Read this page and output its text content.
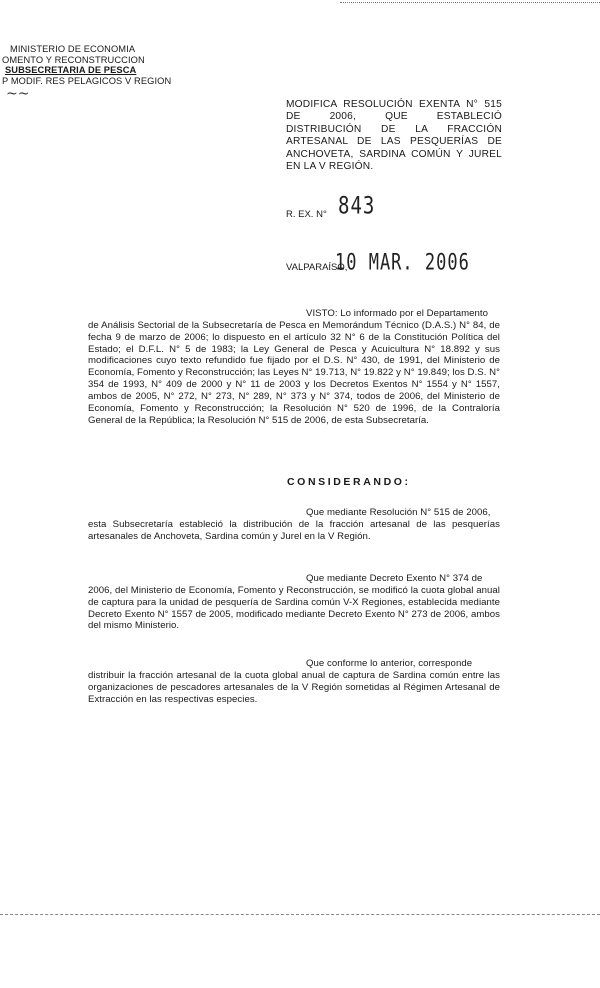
MINISTERIO DE ECONOMIA
OMENTO Y RECONSTRUCCION
SUBSECRETARIA DE PESCA
P MODIF. RES PELAGICOS V REGION
~~
MODIFICA RESOLUCIÓN EXENTA N° 515 DE 2006, QUE ESTABLECIÓ DISTRIBUCIÓN DE LA FRACCIÓN ARTESANAL DE LAS PESQUERÍAS DE ANCHOVETA, SARDINA COMÚN Y JUREL EN LA V REGIÓN.
R. EX. N° 843
VALPARAÍSO,
10 MAR. 2006
VISTO: Lo informado por el Departamento
de Análisis Sectorial de la Subsecretaría de Pesca en Memorándum Técnico (D.A.S.) N° 84, de fecha 9 de marzo de 2006; lo dispuesto en el artículo 32 N° 6 de la Constitución Política del Estado; el D.F.L. N° 5 de 1983; la Ley General de Pesca y Acuicultura N° 18.892 y sus modificaciones cuyo texto refundido fue fijado por el D.S. N° 430, de 1991, del Ministerio de Economía, Fomento y Reconstrucción; las Leyes N° 19.713, N° 19.822 y N° 19.849; los D.S. N° 354 de 1993, N° 409 de 2000 y N° 11 de 2003 y los Decretos Exentos N° 1554 y N° 1557, ambos de 2005, N° 272, N° 273, N° 289, N° 373 y N° 374, todos de 2006, del Ministerio de Economía, Fomento y Reconstrucción; la Resolución N° 520 de 1996, de la Contraloría General de la República; la Resolución N° 515 de 2006, de esta Subsecretaría.
CONSIDERANDO:
Que mediante Resolución N° 515 de 2006,
esta Subsecretaría estableció la distribución de la fracción artesanal de las pesquerías artesanales de Anchoveta, Sardina común y Jurel en la V Región.
Que mediante Decreto Exento N° 374 de
2006, del Ministerio de Economía, Fomento y Reconstrucción, se modificó la cuota global anual de captura para la unidad de pesquería de Sardina común V-X Regiones, establecida mediante Decreto Exento N° 1557 de 2005, modificado mediante Decreto Exento N° 273 de 2006, ambos del mismo Ministerio.
Que conforme lo anterior, corresponde
distribuir la fracción artesanal de la cuota global anual de captura de Sardina común entre las organizaciones de pescadores artesanales de la V Región sometidas al Régimen Artesanal de Extracción en las respectivas especies.
